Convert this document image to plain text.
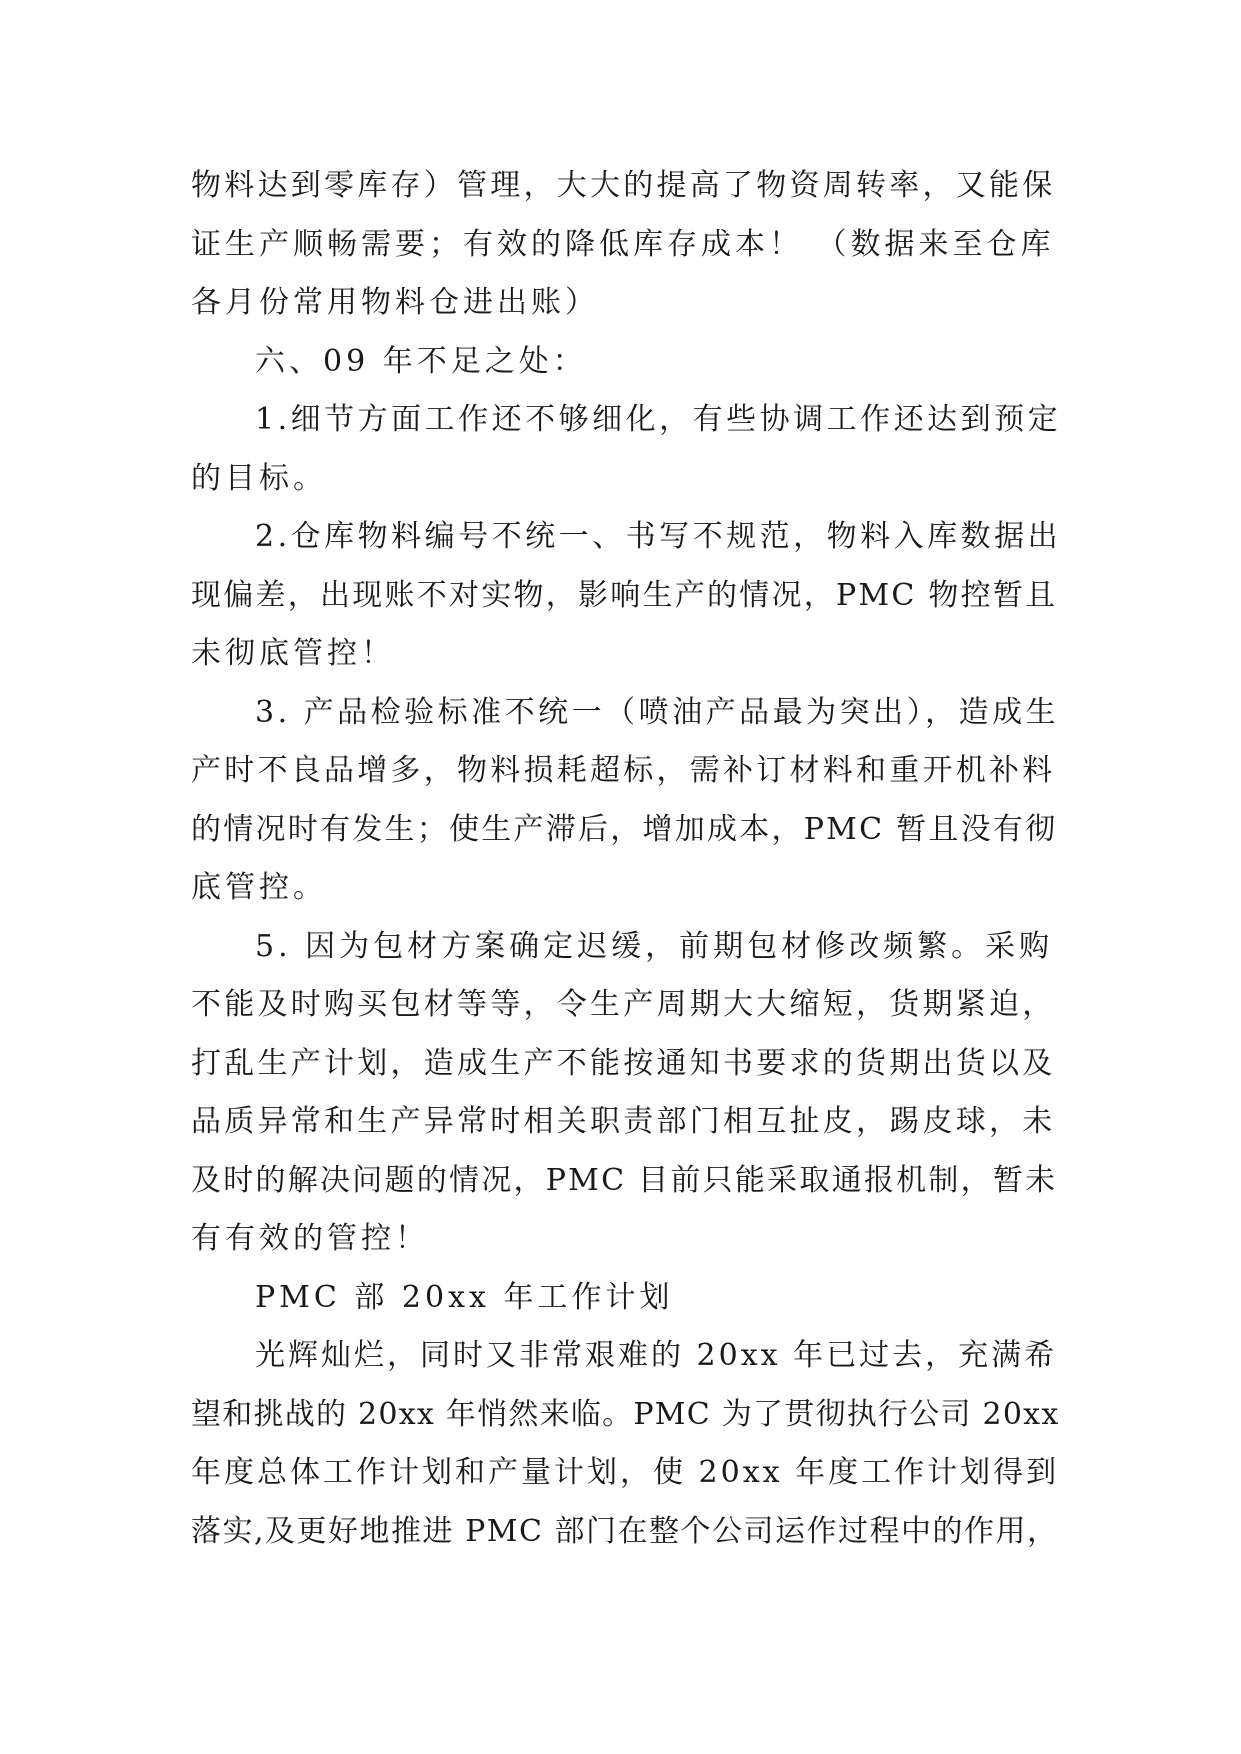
物料达到零库存）管理，大大的提高了物资周转率，又能保
证生产顺畅需要；有效的降低库存成本！ （数据来至仓库
各月份常用物料仓进出账）
六、09 年不足之处：
1.细节方面工作还不够细化，有些协调工作还达到预定
的目标。
2.仓库物料编号不统一、书写不规范，物料入库数据出
现偏差，出现账不对实物，影响生产的情况，PMC 物控暂且
未彻底管控！
3. 产品检验标准不统一（喷油产品最为突出），造成生
产时不良品增多，物料损耗超标，需补订材料和重开机补料
的情况时有发生；使生产滞后，增加成本，PMC 暂且没有彻
底管控。
5. 因为包材方案确定迟缓，前期包材修改频繁。采购
不能及时购买包材等等，令生产周期大大缩短，货期紧迫，
打乱生产计划，造成生产不能按通知书要求的货期出货以及
品质异常和生产异常时相关职责部门相互扯皮，踢皮球，未
及时的解决问题的情况，PMC 目前只能采取通报机制，暂未
有有效的管控！
PMC 部 20xx 年工作计划
光辉灿烂，同时又非常艰难的 20xx 年已过去，充满希
望和挑战的 20xx 年悄然来临。PMC 为了贯彻执行公司 20xx
年度总体工作计划和产量计划，使 20xx 年度工作计划得到
落实,及更好地推进 PMC 部门在整个公司运作过程中的作用，
